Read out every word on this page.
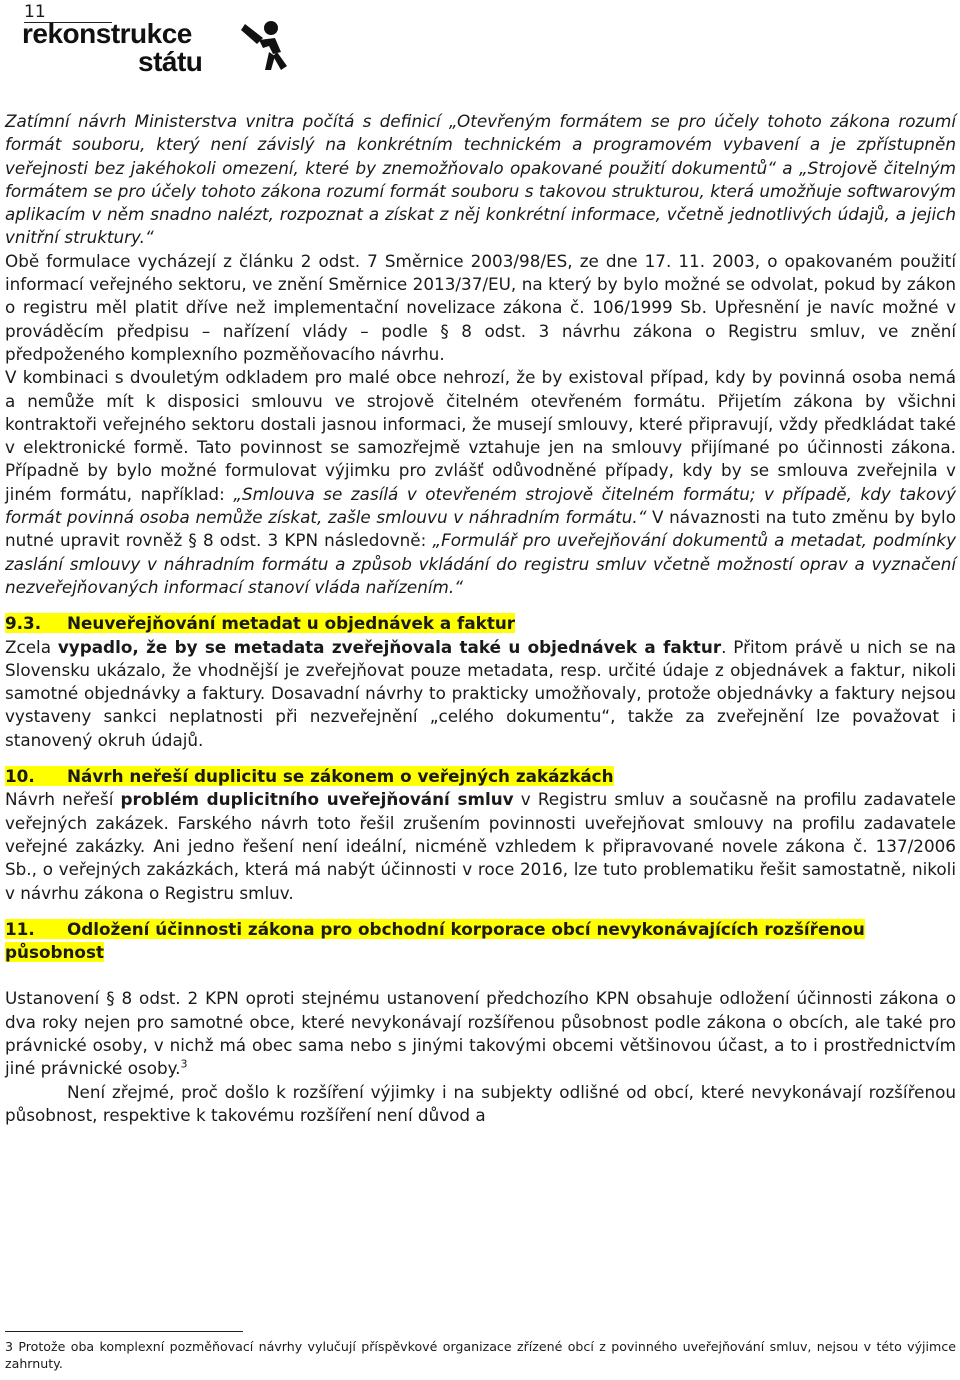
11
rekonstrukce
státu

Zatímní návrh Ministerstva vnitra počítá s definicí „Otevřeným formátem se pro účely tohoto zákona rozumí formát souboru, který není závislý na konkrétním technickém a programovém vybavení a je zpřístupněn veřejnosti bez jakéhokoli omezení, které by znemožňovalo opakované použití dokumentů“ a „Strojově čitelným formátem se pro účely tohoto zákona rozumí formát souboru s takovou strukturou, která umožňuje softwarovým aplikacím v něm snadno nalézt, rozpoznat a získat z něj konkrétní informace, včetně jednotlivých údajů, a jejich vnitřní struktury.“

Obě formulace vycházejí z článku 2 odst. 7 Směrnice 2003/98/ES, ze dne 17. 11. 2003, o opakovaném použití informací veřejného sektoru, ve znění Směrnice 2013/37/EU, na který by bylo možné se odvolat, pokud by zákon o registru měl platit dříve než implementační novelizace zákona č. 106/1999 Sb. Upřesnění je navíc možné v prováděcím předpisu – nařízení vlády – podle § 8 odst. 3 návrhu zákona o Registru smluv, ve znění předpoženého komplexního pozměňovacího návrhu.

V kombinaci s dvouletým odkladem pro malé obce nehrozí, že by existoval případ, kdy by povinná osoba nemá a nemůže mít k disposici smlouvu ve strojově čitelném otevřeném formátu. Přijetím zákona by všichni kontraktoři veřejného sektoru dostali jasnou informaci, že musejí smlouvy, které připravují, vždy předkládat také v elektronické formě. Tato povinnost se samozřejmě vztahuje jen na smlouvy přijímané po účinnosti zákona. Případně by bylo možné formulovat výjimku pro zvlášť odůvodněné případy, kdy by se smlouva zveřejnila v jiném formátu, například: „Smlouva se zasílá v otevřeném strojově čitelném formátu; v případě, kdy takový formát povinná osoba nemůže získat, zašle smlouvu v náhradním formátu.“ V návaznosti na tuto změnu by bylo nutné upravit rovněž § 8 odst. 3 KPN následovně: „Formulář pro uveřejňování dokumentů a metadat, podmínky zaslání smlouvy v náhradním formátu a způsob vkládání do registru smluv včetně možností oprav a vyznačení nezveřejňovaných informací stanoví vláda nařízením.“

9.3. Neuveřejňování metadat u objednávek a faktur

Zcela vypadlo, že by se metadata zveřejňovala také u objednávek a faktur. Přitom právě u nich se na Slovensku ukázalo, že vhodnější je zveřejňovat pouze metadata, resp. určité údaje z objednávek a faktur, nikoli samotné objednávky a faktury. Dosavadní návrhy to prakticky umožňovaly, protože objednávky a faktury nejsou vystaveny sankci neplatnosti při nezveřejnění „celého dokumentu“, takže za zveřejnění lze považovat i stanovený okruh údajů.

10. Návrh neřeší duplicitu se zákonem o veřejných zakázkách

Návrh neřeší problém duplicitního uveřejňování smluv v Registru smluv a současně na profilu zadavatele veřejných zakázek. Farského návrh toto řešil zrušením povinnosti uveřejňovat smlouvy na profilu zadavatele veřejné zakázky. Ani jedno řešení není ideální, nicméně vzhledem k připravované novele zákona č. 137/2006 Sb., o veřejných zakázkách, která má nabýt účinnosti v roce 2016, lze tuto problematiku řešit samostatně, nikoli v návrhu zákona o Registru smluv.

11. Odložení účinnosti zákona pro obchodní korporace obcí nevykonávajících rozšířenou působnost

Ustanovení § 8 odst. 2 KPN oproti stejnému ustanovení předchozího KPN obsahuje odložení účinnosti zákona o dva roky nejen pro samotné obce, které nevykonávají rozšířenou působnost podle zákona o obcích, ale také pro právnické osoby, v nichž má obec sama nebo s jinými takovými obcemi většinovou účast, a to i prostřednictvím jiné právnické osoby.$^3$

Není zřejmé, proč došlo k rozšíření výjimky i na subjekty odlišné od obcí, které nevykonávají rozšířenou působnost, respektive k takovému rozšíření není důvod a

3 Protože oba komplexní pozměňovací návrhy vylučují příspěvkové organizace zřízené obcí z povinného uveřejňování smluv, nejsou v této výjimce zahrnuty.
